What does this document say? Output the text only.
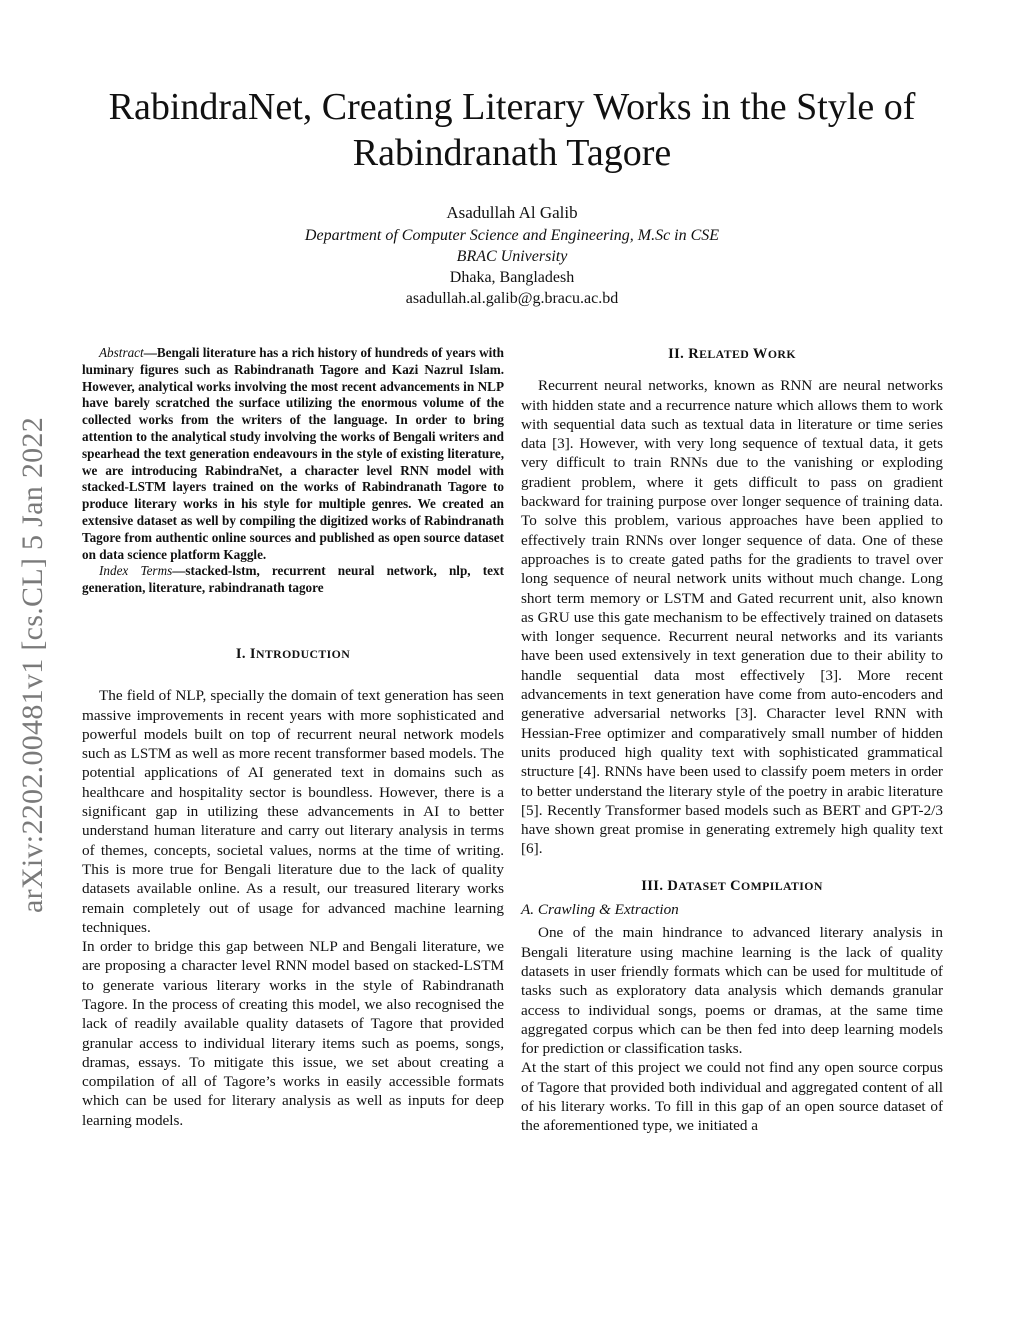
arXiv:2202.00481v1 [cs.CL] 5 Jan 2022
RabindraNet, Creating Literary Works in the Style of Rabindranath Tagore
Asadullah Al Galib
Department of Computer Science and Engineering, M.Sc in CSE
BRAC University
Dhaka, Bangladesh
asadullah.al.galib@g.bracu.ac.bd

Abstract—Bengali literature has a rich history of hundreds of years with luminary figures such as Rabindranath Tagore and Kazi Nazrul Islam. However, analytical works involving the most recent advancements in NLP have barely scratched the surface utilizing the enormous volume of the collected works from the writers of the language. In order to bring attention to the analytical study involving the works of Bengali writers and spearhead the text generation endeavours in the style of existing literature, we are introducing RabindraNet, a character level RNN model with stacked-LSTM layers trained on the works of Rabindranath Tagore to produce literary works in his style for multiple genres. We created an extensive dataset as well by compiling the digitized works of Rabindranath Tagore from authentic online sources and published as open source dataset on data science platform Kaggle.

Index Terms—stacked-lstm, recurrent neural network, nlp, text generation, literature, rabindranath tagore

I. INTRODUCTION

The field of NLP, specially the domain of text generation has seen massive improvements in recent years with more sophisticated and powerful models built on top of recurrent neural network models such as LSTM as well as more recent transformer based models. The potential applications of AI generated text in domains such as healthcare and hospitality sector is boundless. However, there is a significant gap in utilizing these advancements in AI to better understand human literature and carry out literary analysis in terms of themes, concepts, societal values, norms at the time of writing. This is more true for Bengali literature due to the lack of quality datasets available online. As a result, our treasured literary works remain completely out of usage for advanced machine learning techniques.

In order to bridge this gap between NLP and Bengali literature, we are proposing a character level RNN model based on stacked-LSTM to generate various literary works in the style of Rabindranath Tagore. In the process of creating this model, we also recognised the lack of readily available quality datasets of Tagore that provided granular access to individual literary items such as poems, songs, dramas, essays. To mitigate this issue, we set about creating a compilation of all of Tagore’s works in easily accessible formats which can be used for literary analysis as well as inputs for deep learning models.

II. RELATED WORK

Recurrent neural networks, known as RNN are neural networks with hidden state and a recurrence nature which allows them to work with sequential data such as textual data in literature or time series data [3]. However, with very long sequence of textual data, it gets very difficult to train RNNs due to the vanishing or exploding gradient problem, where it gets difficult to pass on gradient backward for training purpose over longer sequence of training data. To solve this problem, various approaches have been applied to effectively train RNNs over longer sequence of data. One of these approaches is to create gated paths for the gradients to travel over long sequence of neural network units without much change. Long short term memory or LSTM and Gated recurrent unit, also known as GRU use this gate mechanism to be effectively trained on datasets with longer sequence. Recurrent neural networks and its variants have been used extensively in text generation due to their ability to handle sequential data most effectively [3]. More recent advancements in text generation have come from auto-encoders and generative adversarial networks [3]. Character level RNN with Hessian-Free optimizer and comparatively small number of hidden units produced high quality text with sophisticated grammatical structure [4]. RNNs have been used to classify poem meters in order to better understand the literary style of the poetry in arabic literature [5]. Recently Transformer based models such as BERT and GPT-2/3 have shown great promise in generating extremely high quality text [6].

III. DATASET COMPILATION

A. Crawling & Extraction

One of the main hindrance to advanced literary analysis in Bengali literature using machine learning is the lack of quality datasets in user friendly formats which can be used for multitude of tasks such as exploratory data analysis which demands granular access to individual songs, poems or dramas, at the same time aggregated corpus which can be then fed into deep learning models for prediction or classification tasks.

At the start of this project we could not find any open source corpus of Tagore that provided both individual and aggregated content of all of his literary works. To fill in this gap of an open source dataset of the aforementioned type, we initiated a
